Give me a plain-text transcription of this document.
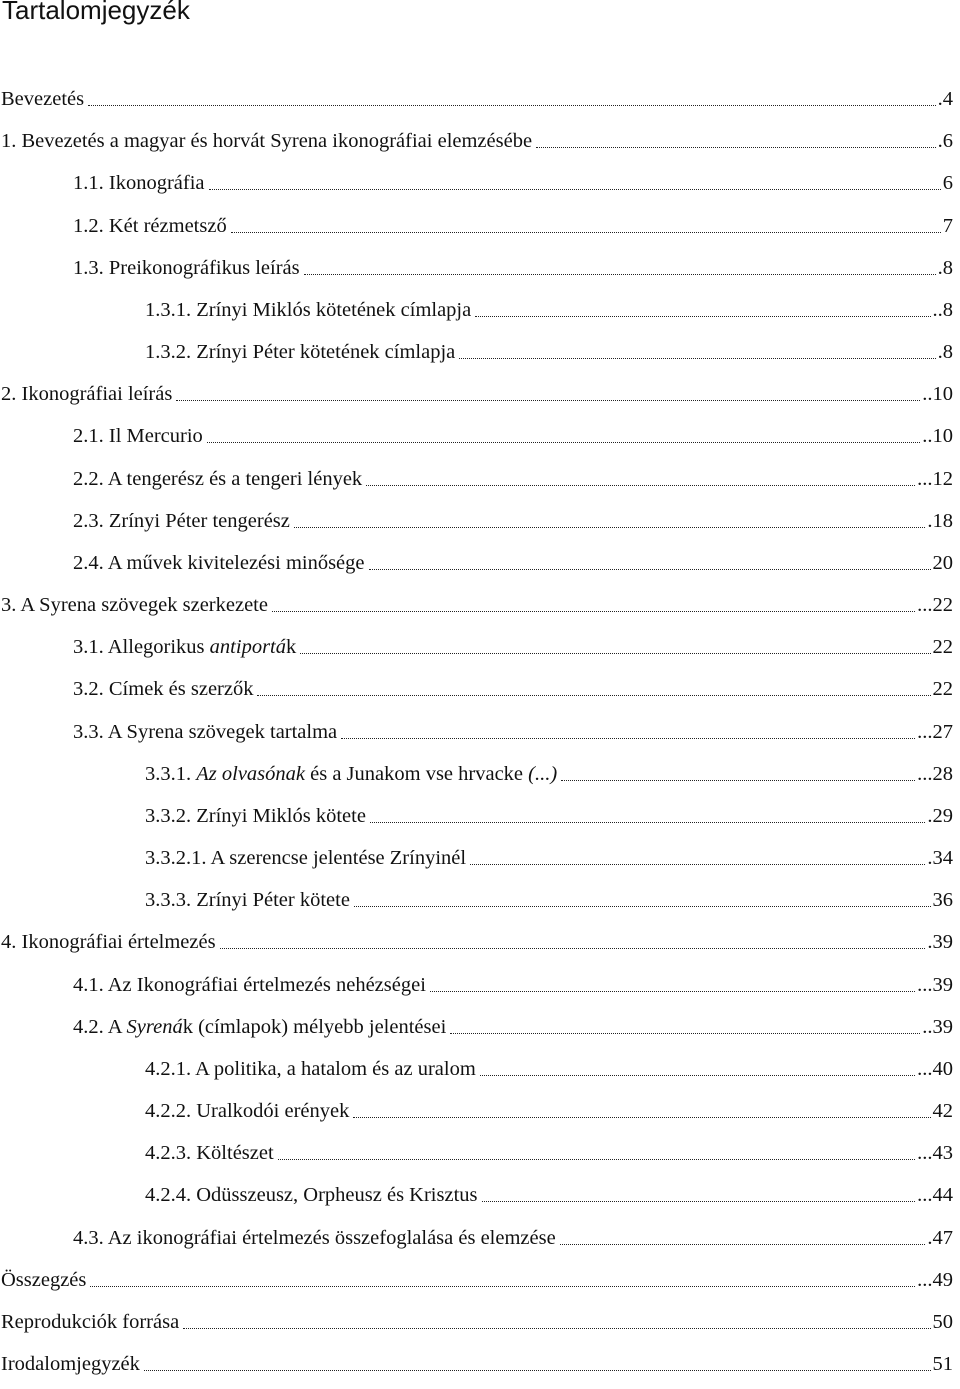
Tartalomjegyzék
Bevezetés	.4
1. Bevezetés a magyar és horvát Syrena ikonográfiai elemzésébe	.6
1.1. Ikonográfia	6
1.2. Két rézmetsző	7
1.3. Preikonográfikus leírás	.8
1.3.1. Zrínyi Miklós kötetének címlapja	..8
1.3.2. Zrínyi Péter kötetének címlapja	.8
2. Ikonográfiai leírás	..10
2.1. Il Mercurio	..10
2.2. A tengerész és a tengeri lények	...12
2.3. Zrínyi Péter tengerész	.18
2.4. A művek kivitelezési minősége	20
3. A Syrena szövegek szerkezete	...22
3.1. Allegorikus antiporták	22
3.2. Címek és szerzők	22
3.3. A Syrena szövegek tartalma	...27
3.3.1. Az olvasónak és a Junakom vse hrvacke (...)	...28
3.3.2. Zrínyi Miklós kötete	.29
3.3.2.1. A szerencse jelentése Zrínyinél	.34
3.3.3. Zrínyi Péter kötete	36
4. Ikonográfiai értelmezés	.39
4.1. Az Ikonográfiai értelmezés nehézségei	...39
4.2. A Syrenák (címlapok) mélyebb jelentései	..39
4.2.1. A politika, a hatalom és az uralom	...40
4.2.2. Uralkodói erények	42
4.2.3. Költészet	...43
4.2.4. Odüsszeusz, Orpheusz és Krisztus	...44
4.3. Az ikonográfiai értelmezés összefoglalása és elemzése	.47
Összegzés	...49
Reprodukciók forrása	50
Irodalomjegyzék	51
